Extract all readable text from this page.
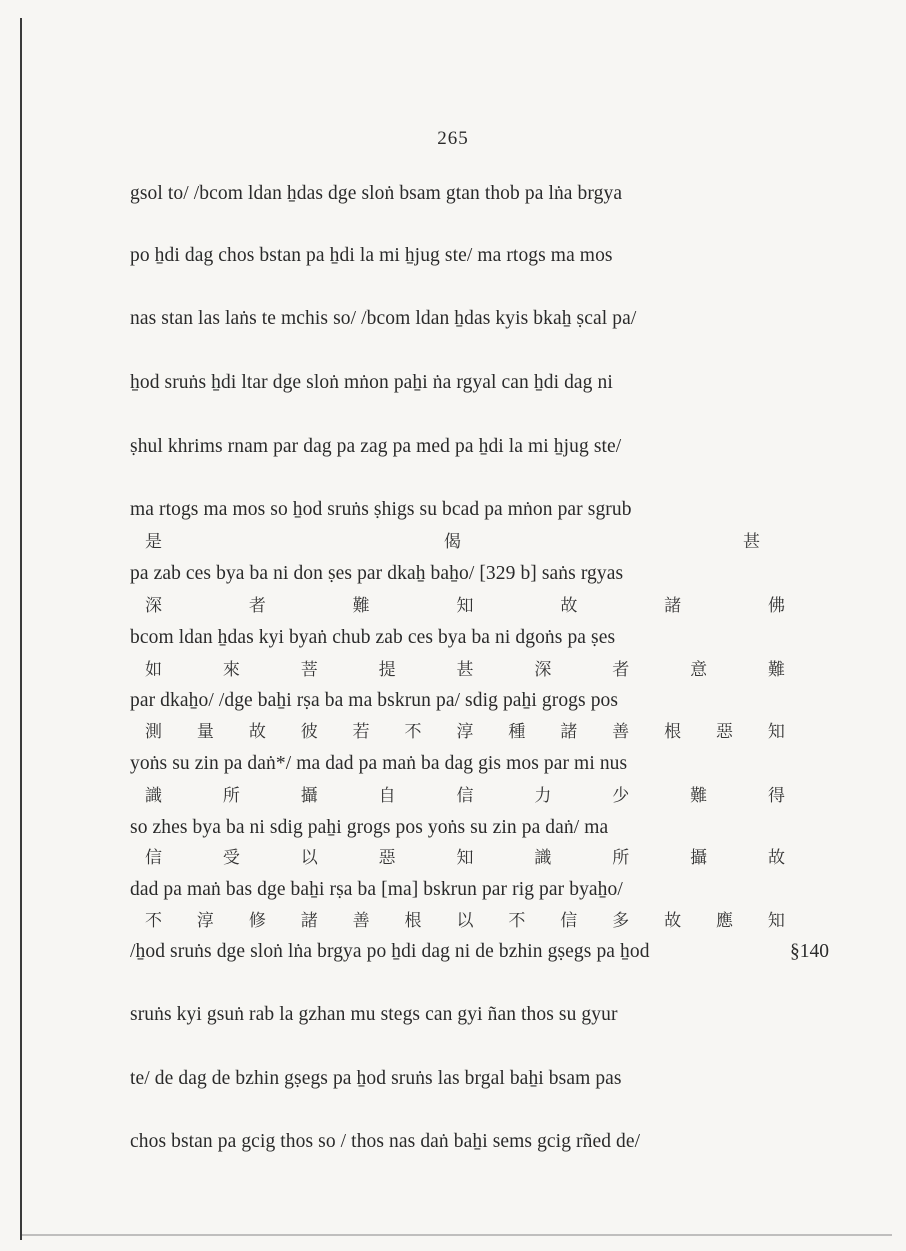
265
gsol to/ /bcom ldan ẖdas dge sloṅ bsam gtan thob pa lṅa brgya
po ẖdi dag chos bstan pa ẖdi la mi ẖjug ste/ ma rtogs ma mos
nas stan las laṅs te mchis so/ /bcom ldan ẖdas kyis bkaẖ ṣcal pa/
ẖod sruṅs ẖdi ltar dge sloṅ mṅon paẖi ṅa rgyal can ẖdi dag ni
ṣhul khrims rnam par dag pa zag pa med pa ẖdi la mi ẖjug ste/
ma rtogs ma mos so ẖod sruṅs ṣhigs su bcad pa mṅon par sgrub
是	偈	甚
pa zab ces bya ba ni don ṣes par dkaẖ baẖo/ [329 b] saṅs rgyas
深	者	難	知	故	諸	佛
bcom ldan ẖdas kyi byaṅ chub zab ces bya ba ni dgoṅs pa ṣes
如	來	菩	提	甚	深	者	意	難
par dkaẖo/ /dge baẖi rṣa ba ma bskrun pa/ sdig paẖi grogs pos
測 量 故 彼 若 不 淳 種 諸 善 根 惡 知
yoṅs su zin pa daṅ*/ ma dad pa maṅ ba dag gis mos par mi nus
識	所	攝	自	信	力	少	難	得
so zhes bya ba ni sdig paẖi grogs pos yoṅs su zin pa daṅ/ ma
信	受	以	惡	知	識	所	攝	故
dad pa maṅ bas dge baẖi rṣa ba [ma] bskrun par rig par byaẖo/
不 淳 修 諸 善 根 以 不 信 多 故 應 知
/ẖod sruṅs dge sloṅ lṅa brgya po ẖdi dag ni de bzhin gṣegs pa ẖod	§140
sruṅs kyi gsuṅ rab la gzhan mu stegs can gyi ñan thos su gyur
te/ de dag de bzhin gṣegs pa ẖod sruṅs las brgal baẖi bsam pas
chos bstan pa gcig thos so / thos nas daṅ baẖi sems gcig rñed de/
